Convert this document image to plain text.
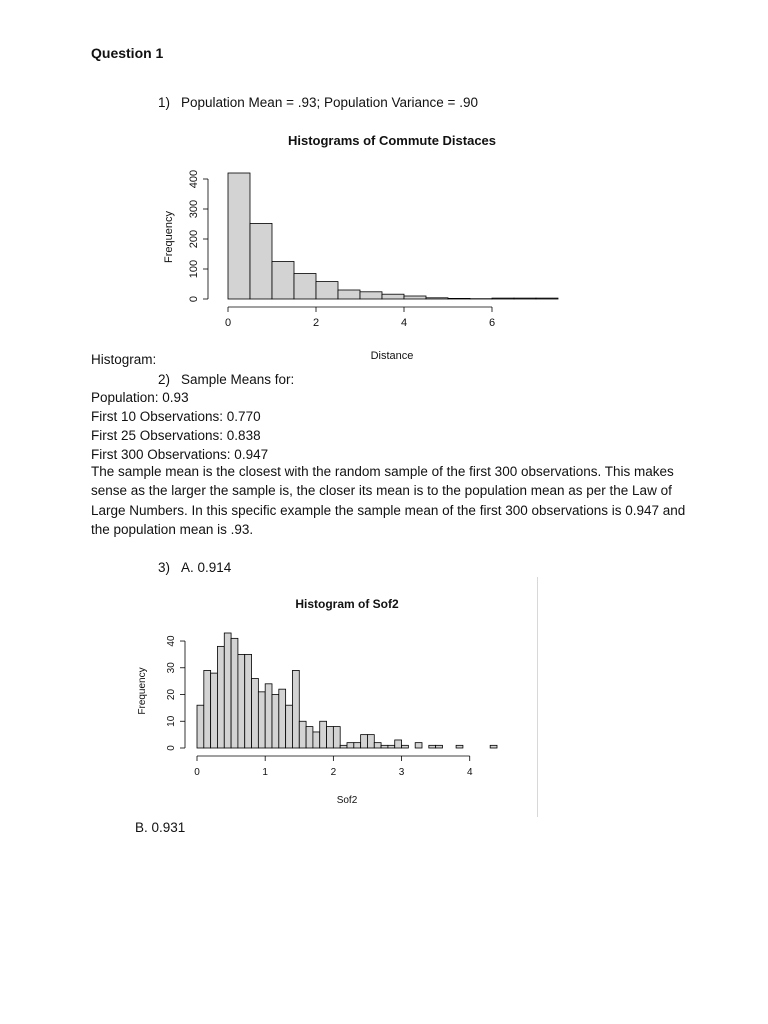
Question 1
1) Population Mean = .93; Population Variance = .90
Histograms of Commute Distaces
0	2	4	6
0
100
200
300
400
Distance
Frequency
Histogram:
2) Sample Means for:
Population: 0.93
First 10 Observations: 0.770
First 25 Observations: 0.838
First 300 Observations: 0.947

The sample mean is the closest with the random sample of the first 300 observations. This makes sense as the larger the sample is, the closer its mean is to the population mean as per the Law of Large Numbers. In this specific example the sample mean of the first 300 observations is 0.947 and the population mean is .93.

3) A. 0.914
Histogram of Sof2
0	1	2	3	4
0
10
20
30
40
Sof2
Frequency
B. 0.931
